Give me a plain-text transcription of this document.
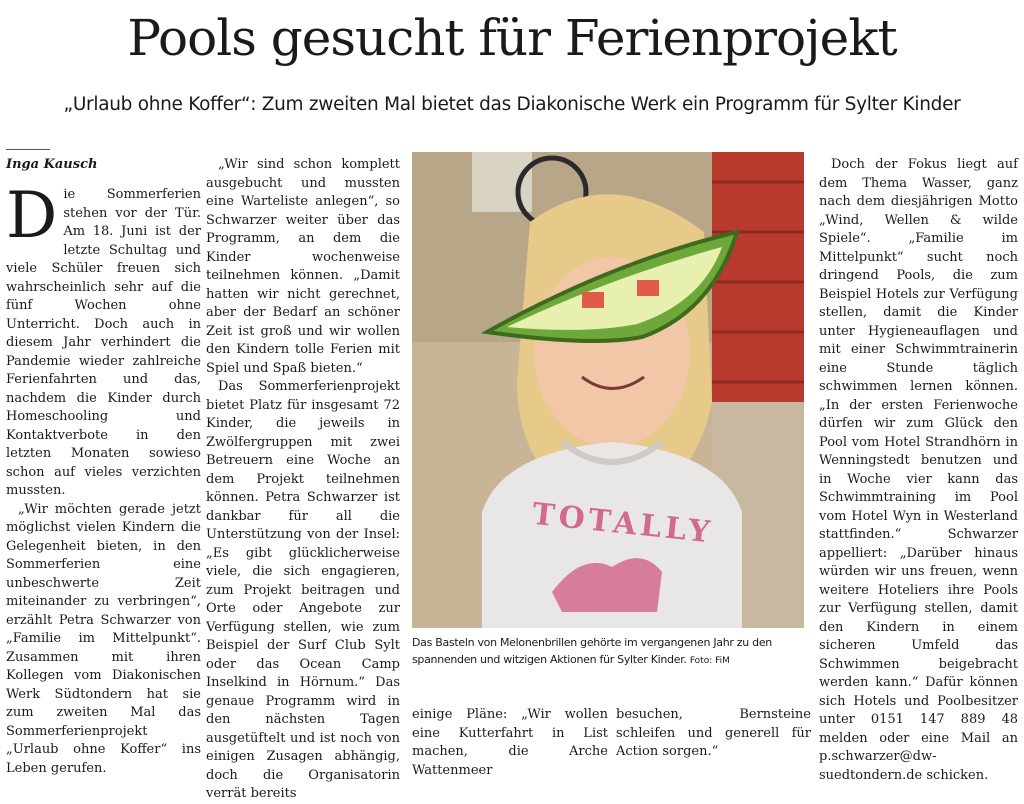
Pools gesucht für Ferienprojekt
„Urlaub ohne Koffer“: Zum zweiten Mal bietet das Diakonische Werk ein Programm für Sylter Kinder

Inga Kausch

Die Sommerferien stehen vor der Tür. Am 18. Juni ist der letzte Schultag und viele Schüler freuen sich wahrscheinlich sehr auf die fünf Wochen ohne Unterricht. Doch auch in diesem Jahr verhindert die Pandemie wieder zahlreiche Ferienfahrten und das, nachdem die Kinder durch Homeschooling und Kontaktverbote in den letzten Monaten sowieso schon auf vieles verzichten mussten.

„Wir möchten gerade jetzt möglichst vielen Kindern die Gelegenheit bieten, in den Sommerferien eine unbeschwerte Zeit miteinander zu verbringen“, erzählt Petra Schwarzer von „Familie im Mittelpunkt“. Zusammen mit ihren Kollegen vom Diakonischen Werk Südtondern hat sie zum zweiten Mal das Sommerferienprojekt „Urlaub ohne Koffer“ ins Leben gerufen.

„Wir sind schon komplett ausgebucht und mussten eine Warteliste anlegen“, so Schwarzer weiter über das Programm, an dem die Kinder wochenweise teilnehmen können. „Damit hatten wir nicht gerechnet, aber der Bedarf an schöner Zeit ist groß und wir wollen den Kindern tolle Ferien mit Spiel und Spaß bieten.“

Das Sommerferienprojekt bietet Platz für insgesamt 72 Kinder, die jeweils in Zwölfergruppen mit zwei Betreuern eine Woche an dem Projekt teilnehmen können. Petra Schwarzer ist dankbar für all die Unterstützung von der Insel: „Es gibt glücklicherweise viele, die sich engagieren, zum Projekt beitragen und Orte oder Angebote zur Verfügung stellen, wie zum Beispiel der Surf Club Sylt oder das Ocean Camp Inselkind in Hörnum.“ Das genaue Programm wird in den nächsten Tagen ausgetüftelt und ist noch von einigen Zusagen abhängig, doch die Organisatorin verrät bereits

TOTALLY

Das Basteln von Melonenbrillen gehörte im vergangenen Jahr zu den spannenden und witzigen Aktionen für Sylter Kinder. Foto: FiM

einige Pläne: „Wir wollen eine Kutterfahrt in List machen, die Arche Wattenmeer

besuchen, Bernsteine schleifen und generell für Action sorgen.“

Doch der Fokus liegt auf dem Thema Wasser, ganz nach dem diesjährigen Motto „Wind, Wellen & wilde Spiele“. „Familie im Mittelpunkt“ sucht noch dringend Pools, die zum Beispiel Hotels zur Verfügung stellen, damit die Kinder unter Hygieneauflagen und mit einer Schwimmtrainerin eine Stunde täglich schwimmen lernen können. „In der ersten Ferienwoche dürfen wir zum Glück den Pool vom Hotel Strandhörn in Wenningstedt benutzen und in Woche vier kann das Schwimmtraining im Pool vom Hotel Wyn in Westerland stattfinden.“ Schwarzer appelliert: „Darüber hinaus würden wir uns freuen, wenn weitere Hoteliers ihre Pools zur Verfügung stellen, damit den Kindern in einem sicheren Umfeld das Schwimmen beigebracht werden kann.“ Dafür können sich Hotels und Poolbesitzer unter 0151 147 889 48 melden oder eine Mail an p.schwarzer@dw-suedtondern.de schicken.
